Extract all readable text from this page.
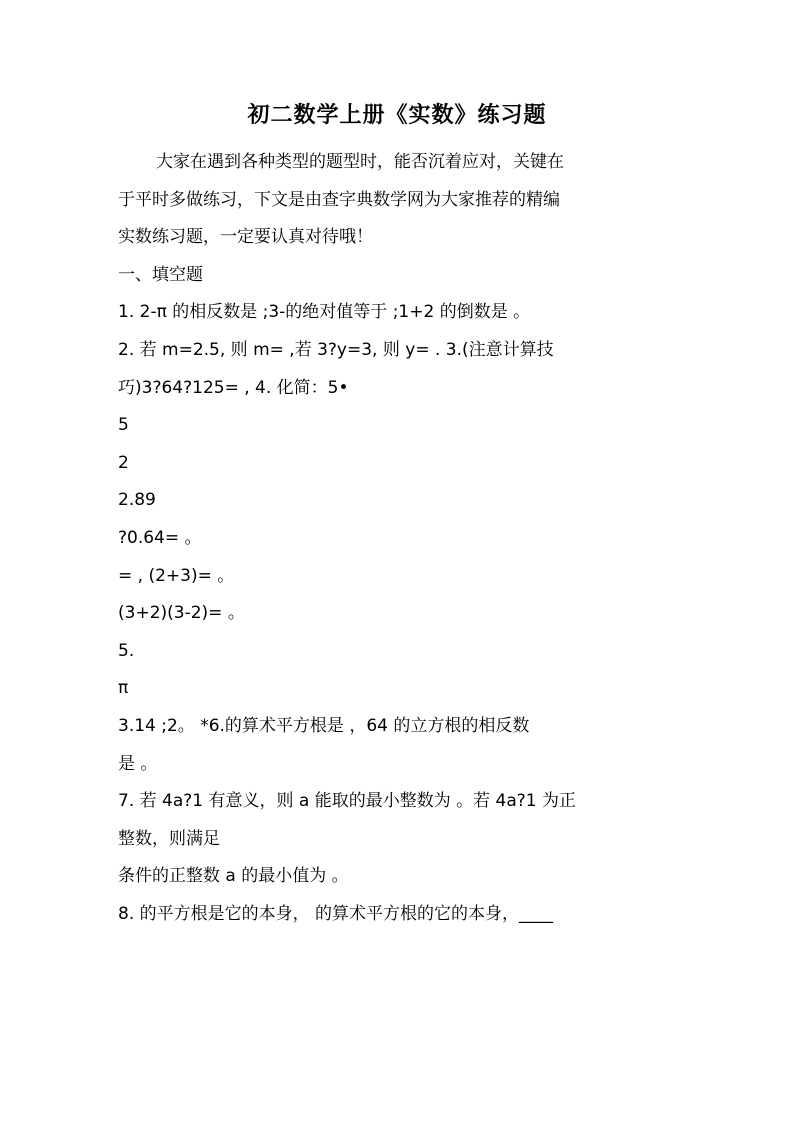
初二数学上册《实数》练习题
大家在遇到各种类型的题型时，能否沉着应对，关键在
于平时多做练习，下文是由查字典数学网为大家推荐的精编
实数练习题，一定要认真对待哦！
一、填空题
1. 2-π 的相反数是 ;3-的绝对值等于 ;1+2 的倒数是 。
2. 若 m=2.5, 则 m= ,若 3?y=3, 则 y= . 3.(注意计算技
巧)3?64?125= , 4. 化简：5•
5
2
2.89
?0.64= 。
= , (2+3)= 。
(3+2)(3-2)= 。
5.
π
3.14 ;2。 *6.的算术平方根是 ，64 的立方根的相反数
是 。
7. 若 4a?1 有意义，则 a 能取的最小整数为 。若 4a?1 为正
整数，则满足
条件的正整数 a 的最小值为 。
8. 的平方根是它的本身， 的算术平方根的它的本身，____
